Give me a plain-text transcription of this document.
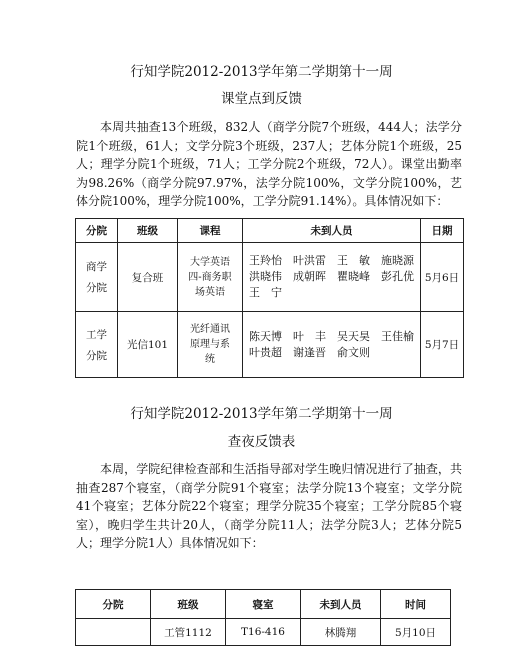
行知学院2012-2013学年第二学期第十一周
课堂点到反馈

本周共抽查13个班级，832人（商学分院7个班级，444人；法学分院1个班级，61人；文学分院3个班级，237人；艺体分院1个班级，25人；理学分院1个班级，71人；工学分院2个班级，72人）。课堂出勤率为98.26%（商学分院97.97%，法学分院100%，文学分院100%，艺体分院100%，理学分院100%，工学分院91.14%）。具体情况如下：

分院	班级	课程	未到人员	日期

商学
分院	复合班	大学英语
四-商务职
场英语	王羚怡　叶洪雷　王　敏　施晓源
洪晓伟　成朝晖　瞿晓峰　彭孔优
王　宁	5月6日

工学
分院	光信101	光纤通讯
原理与系
统	陈天博　叶　丰　吴天昊　王佳榆
叶贵超　谢逢晋　俞文则	5月7日
行知学院2012-2013学年第二学期第十一周
查夜反馈表

本周，学院纪律检查部和生活指导部对学生晚归情况进行了抽查，共抽查287个寝室，（商学分院91个寝室；法学分院13个寝室；文学分院41个寝室；艺体分院22个寝室；理学分院35个寝室；工学分院85个寝室），晚归学生共计20人，（商学分院11人；法学分院3人；艺体分院5人；理学分院1人）具体情况如下：

分院	班级	寝室	未到人员	时间
	工管1112	T16-416	林腾翔	5月10日
